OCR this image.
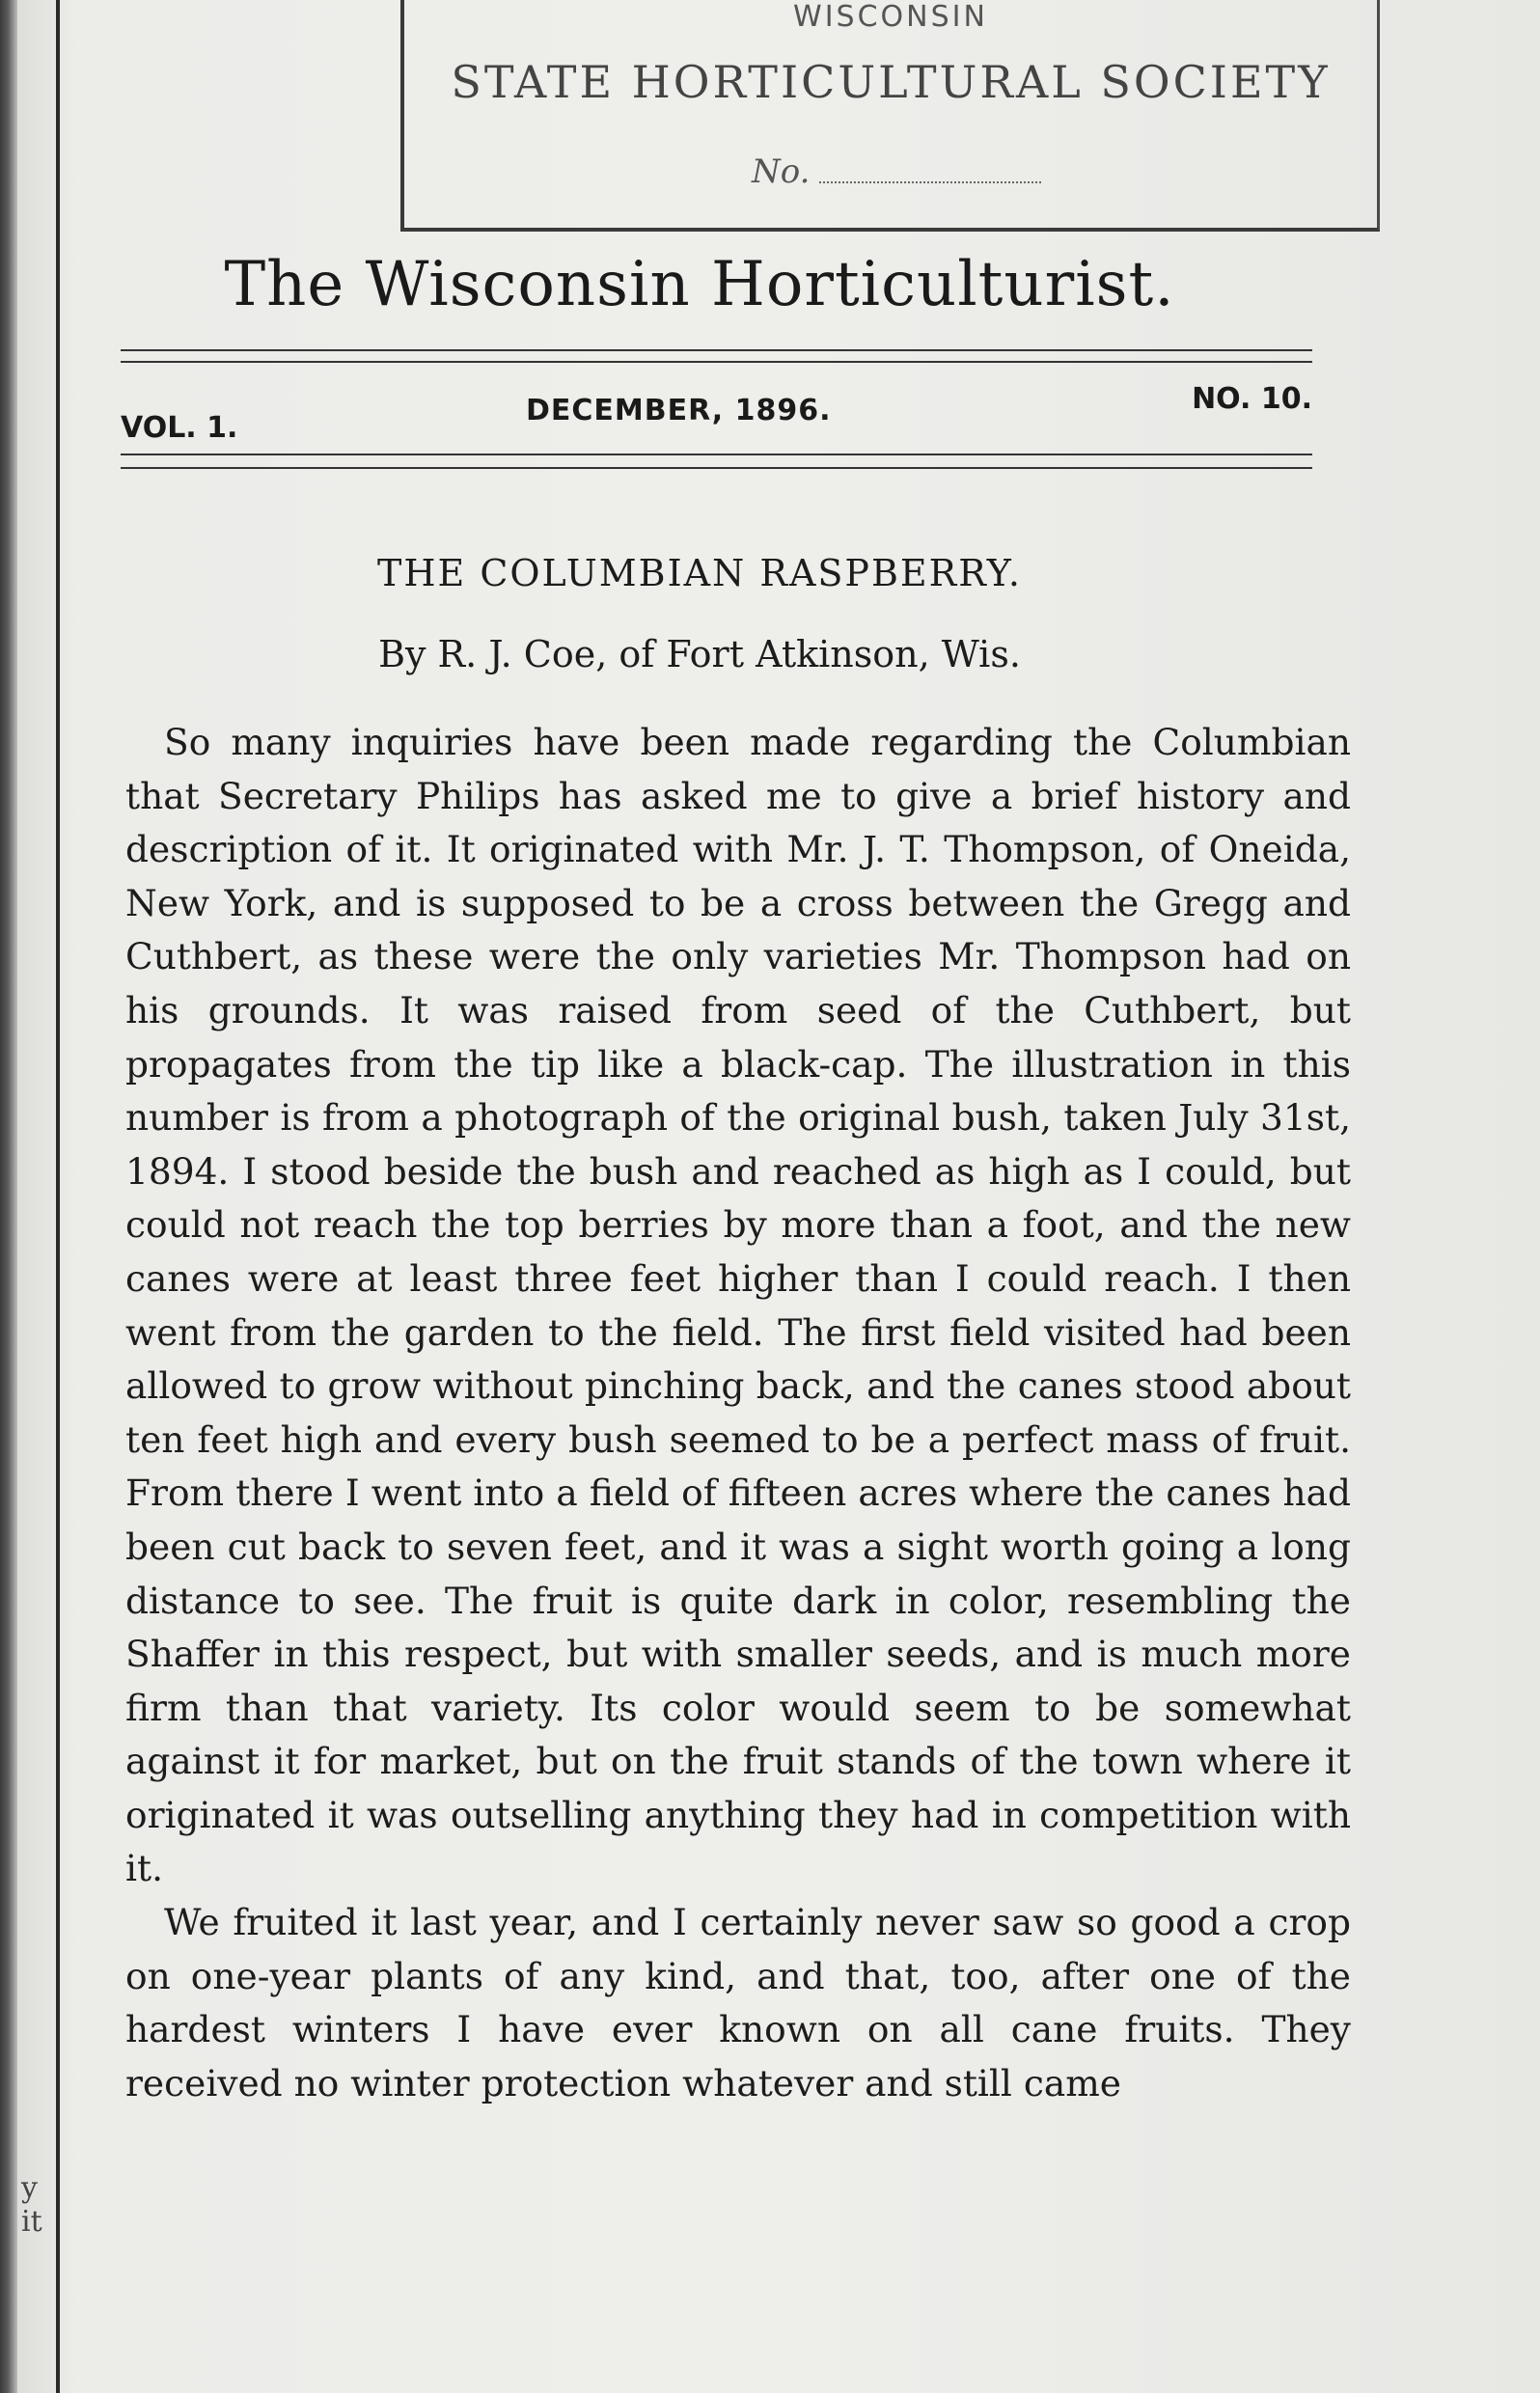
y
it
WISCONSIN
STATE HORTICULTURAL SOCIETY
No.
The Wisconsin Horticulturist.
VOL. 1.
DECEMBER, 1896.	NO. 10.
THE COLUMBIAN RASPBERRY.
By R. J. Coe, of Fort Atkinson, Wis.

So many inquiries have been made regarding the Columbian that Secretary Philips has asked me to give a brief history and description of it. It originated with Mr. J. T. Thompson, of Oneida, New York, and is supposed to be a cross between the Gregg and Cuthbert, as these were the only varieties Mr. Thompson had on his grounds. It was raised from seed of the Cuthbert, but propagates from the tip like a black-cap. The illustration in this number is from a photograph of the original bush, taken July 31st, 1894. I stood beside the bush and reached as high as I could, but could not reach the top berries by more than a foot, and the new canes were at least three feet higher than I could reach. I then went from the garden to the field. The first field visited had been allowed to grow without pinching back, and the canes stood about ten feet high and every bush seemed to be a perfect mass of fruit. From there I went into a field of fifteen acres where the canes had been cut back to seven feet, and it was a sight worth going a long distance to see. The fruit is quite dark in color, resembling the Shaffer in this respect, but with smaller seeds, and is much more firm than that variety. Its color would seem to be somewhat against it for market, but on the fruit stands of the town where it originated it was outselling anything they had in competition with it.

We fruited it last year, and I certainly never saw so good a crop on one-year plants of any kind, and that, too, after one of the hardest winters I have ever known on all cane fruits. They received no winter protection whatever and still came
